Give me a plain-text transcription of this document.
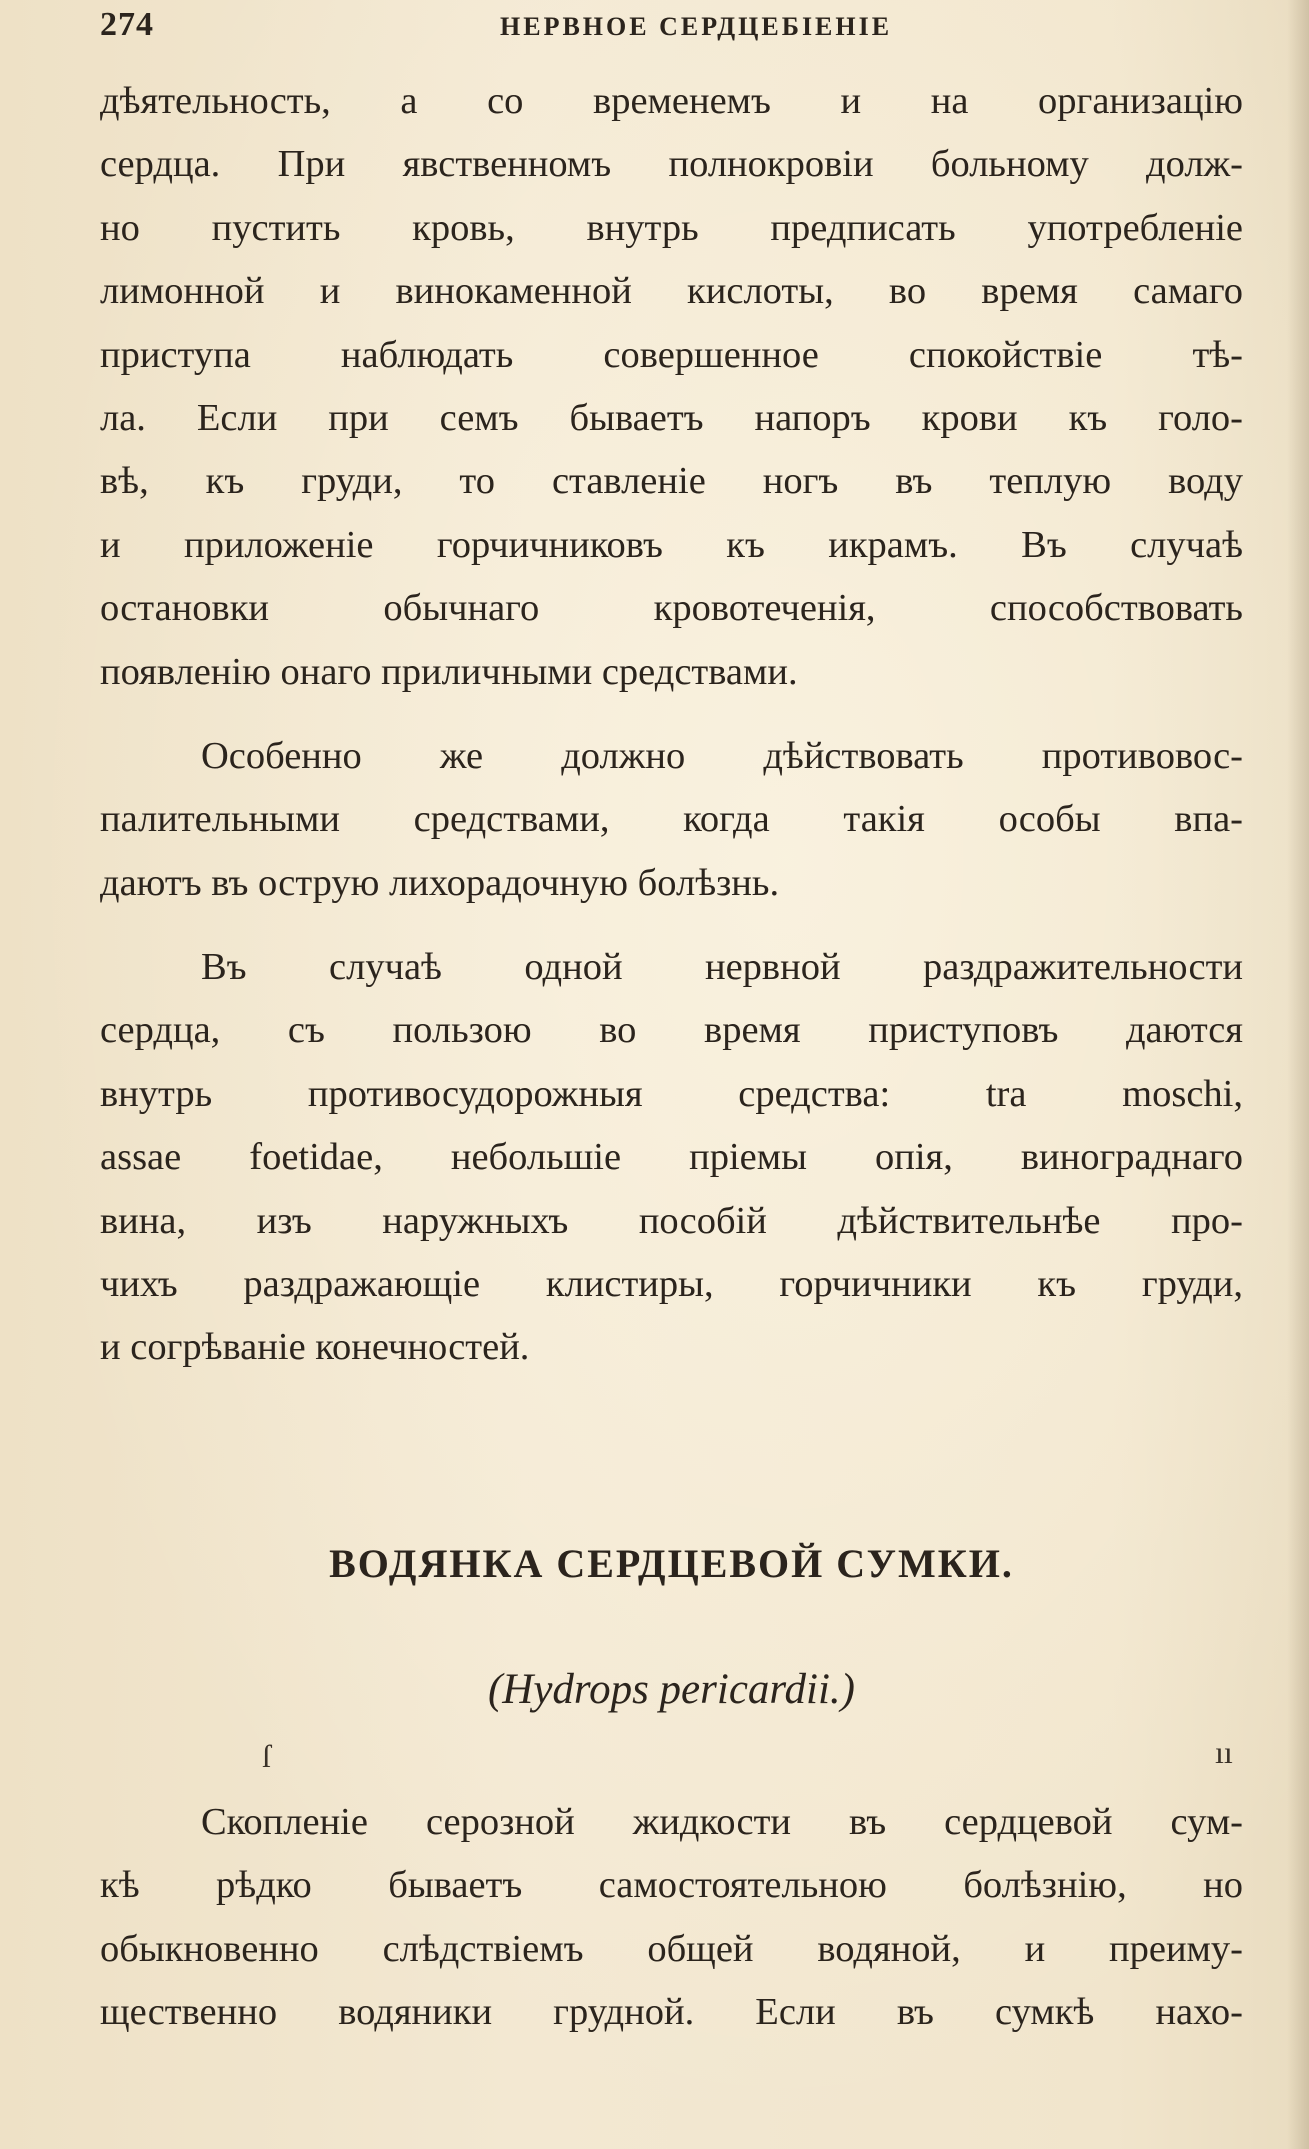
274	НЕРВНОЕ СЕРДЦЕБІЕНІЕ
дѣятельность, а со временемъ и на организацію
сердца. При явственномъ полнокровіи больному долж-
но пустить кровь, внутрь предписать употребленіе
лимонной и винокаменной кислоты, во время самаго
приступа наблюдать совершенное спокойствіе тѣ-
ла. Если при семъ бываетъ напоръ крови къ голо-
вѣ, къ груди, то ставленіе ногъ въ теплую воду
и приложеніе горчичниковъ къ икрамъ. Въ случаѣ
остановки обычнаго кровотеченія, способствовать
появленію онаго приличными средствами.
Особенно же должно дѣйствовать противовос-
палительными средствами, когда такія особы впа-
даютъ въ острую лихорадочную болѣзнь.
Въ случаѣ одной нервной раздражительности
сердца, съ пользою во время приступовъ даются
внутрь противосудорожныя средства: tra moschi,
assae foetidae, небольшіе пріемы опія, винограднаго
вина, изъ наружныхъ пособій дѣйствительнѣе про-
чихъ раздражающіе клистиры, горчичники къ груди,
и согрѣваніе конечностей.
ВОДЯНКА СЕРДЦЕВОЙ СУМКИ.
(Hydrops pericardii.)
ſ	ıı
Скопленіе серозной жидкости въ сердцевой сум-
кѣ рѣдко бываетъ самостоятельною болѣзнію, но
обыкновенно слѣдствіемъ общей водяной, и преиму-
щественно водяники грудной. Если въ сумкѣ нахо-
